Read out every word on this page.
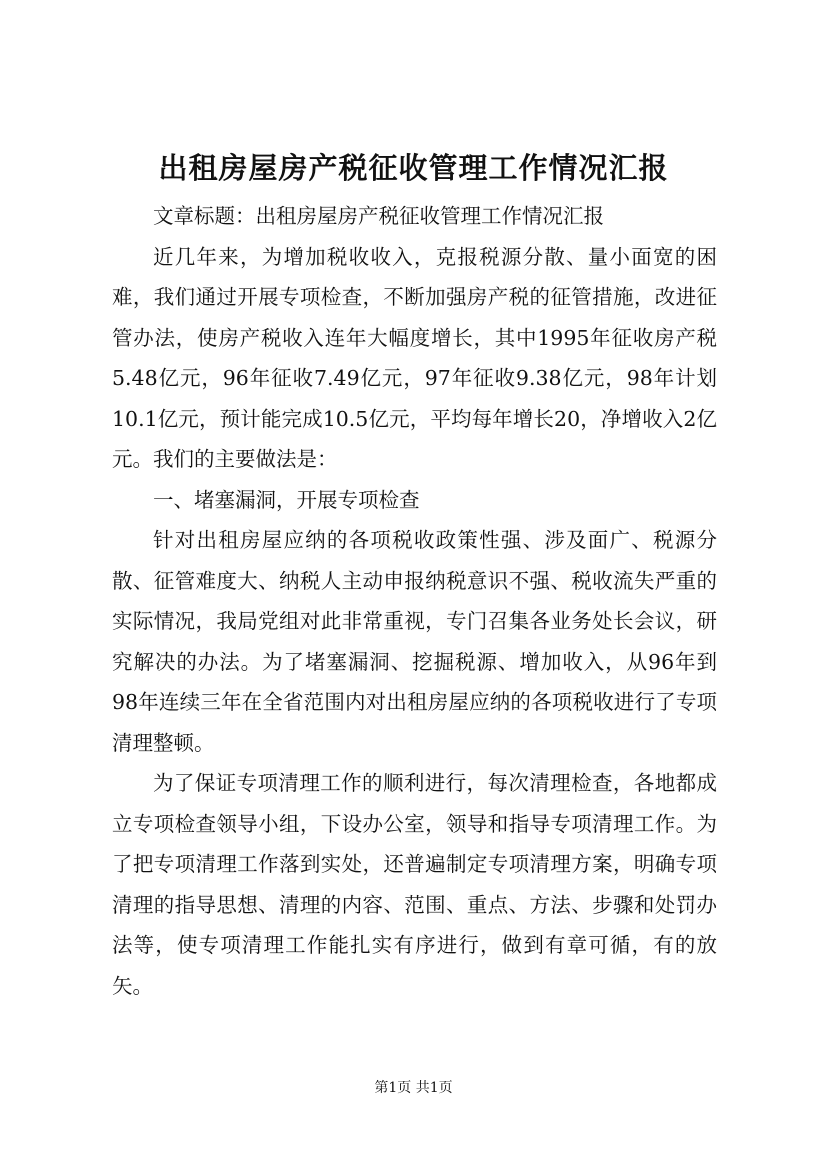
出租房屋房产税征收管理工作情况汇报

文章标题：出租房屋房产税征收管理工作情况汇报

近几年来，为增加税收收入，克报税源分散、量小面宽的困难，我们通过开展专项检查，不断加强房产税的征管措施，改进征管办法，使房产税收入连年大幅度增长，其中1995年征收房产税5.48亿元，96年征收7.49亿元，97年征收9.38亿元，98年计划10.1亿元，预计能完成10.5亿元，平均每年增长20，净增收入2亿元。我们的主要做法是：

一、堵塞漏洞，开展专项检查

针对出租房屋应纳的各项税收政策性强、涉及面广、税源分散、征管难度大、纳税人主动申报纳税意识不强、税收流失严重的实际情况，我局党组对此非常重视，专门召集各业务处长会议，研究解决的办法。为了堵塞漏洞、挖掘税源、增加收入，从96年到98年连续三年在全省范围内对出租房屋应纳的各项税收进行了专项清理整顿。

为了保证专项清理工作的顺利进行，每次清理检查，各地都成立专项检查领导小组，下设办公室，领导和指导专项清理工作。为了把专项清理工作落到实处，还普遍制定专项清理方案，明确专项清理的指导思想、清理的内容、范围、重点、方法、步骤和处罚办法等，使专项清理工作能扎实有序进行，做到有章可循，有的放矢。

第1页 共1页
